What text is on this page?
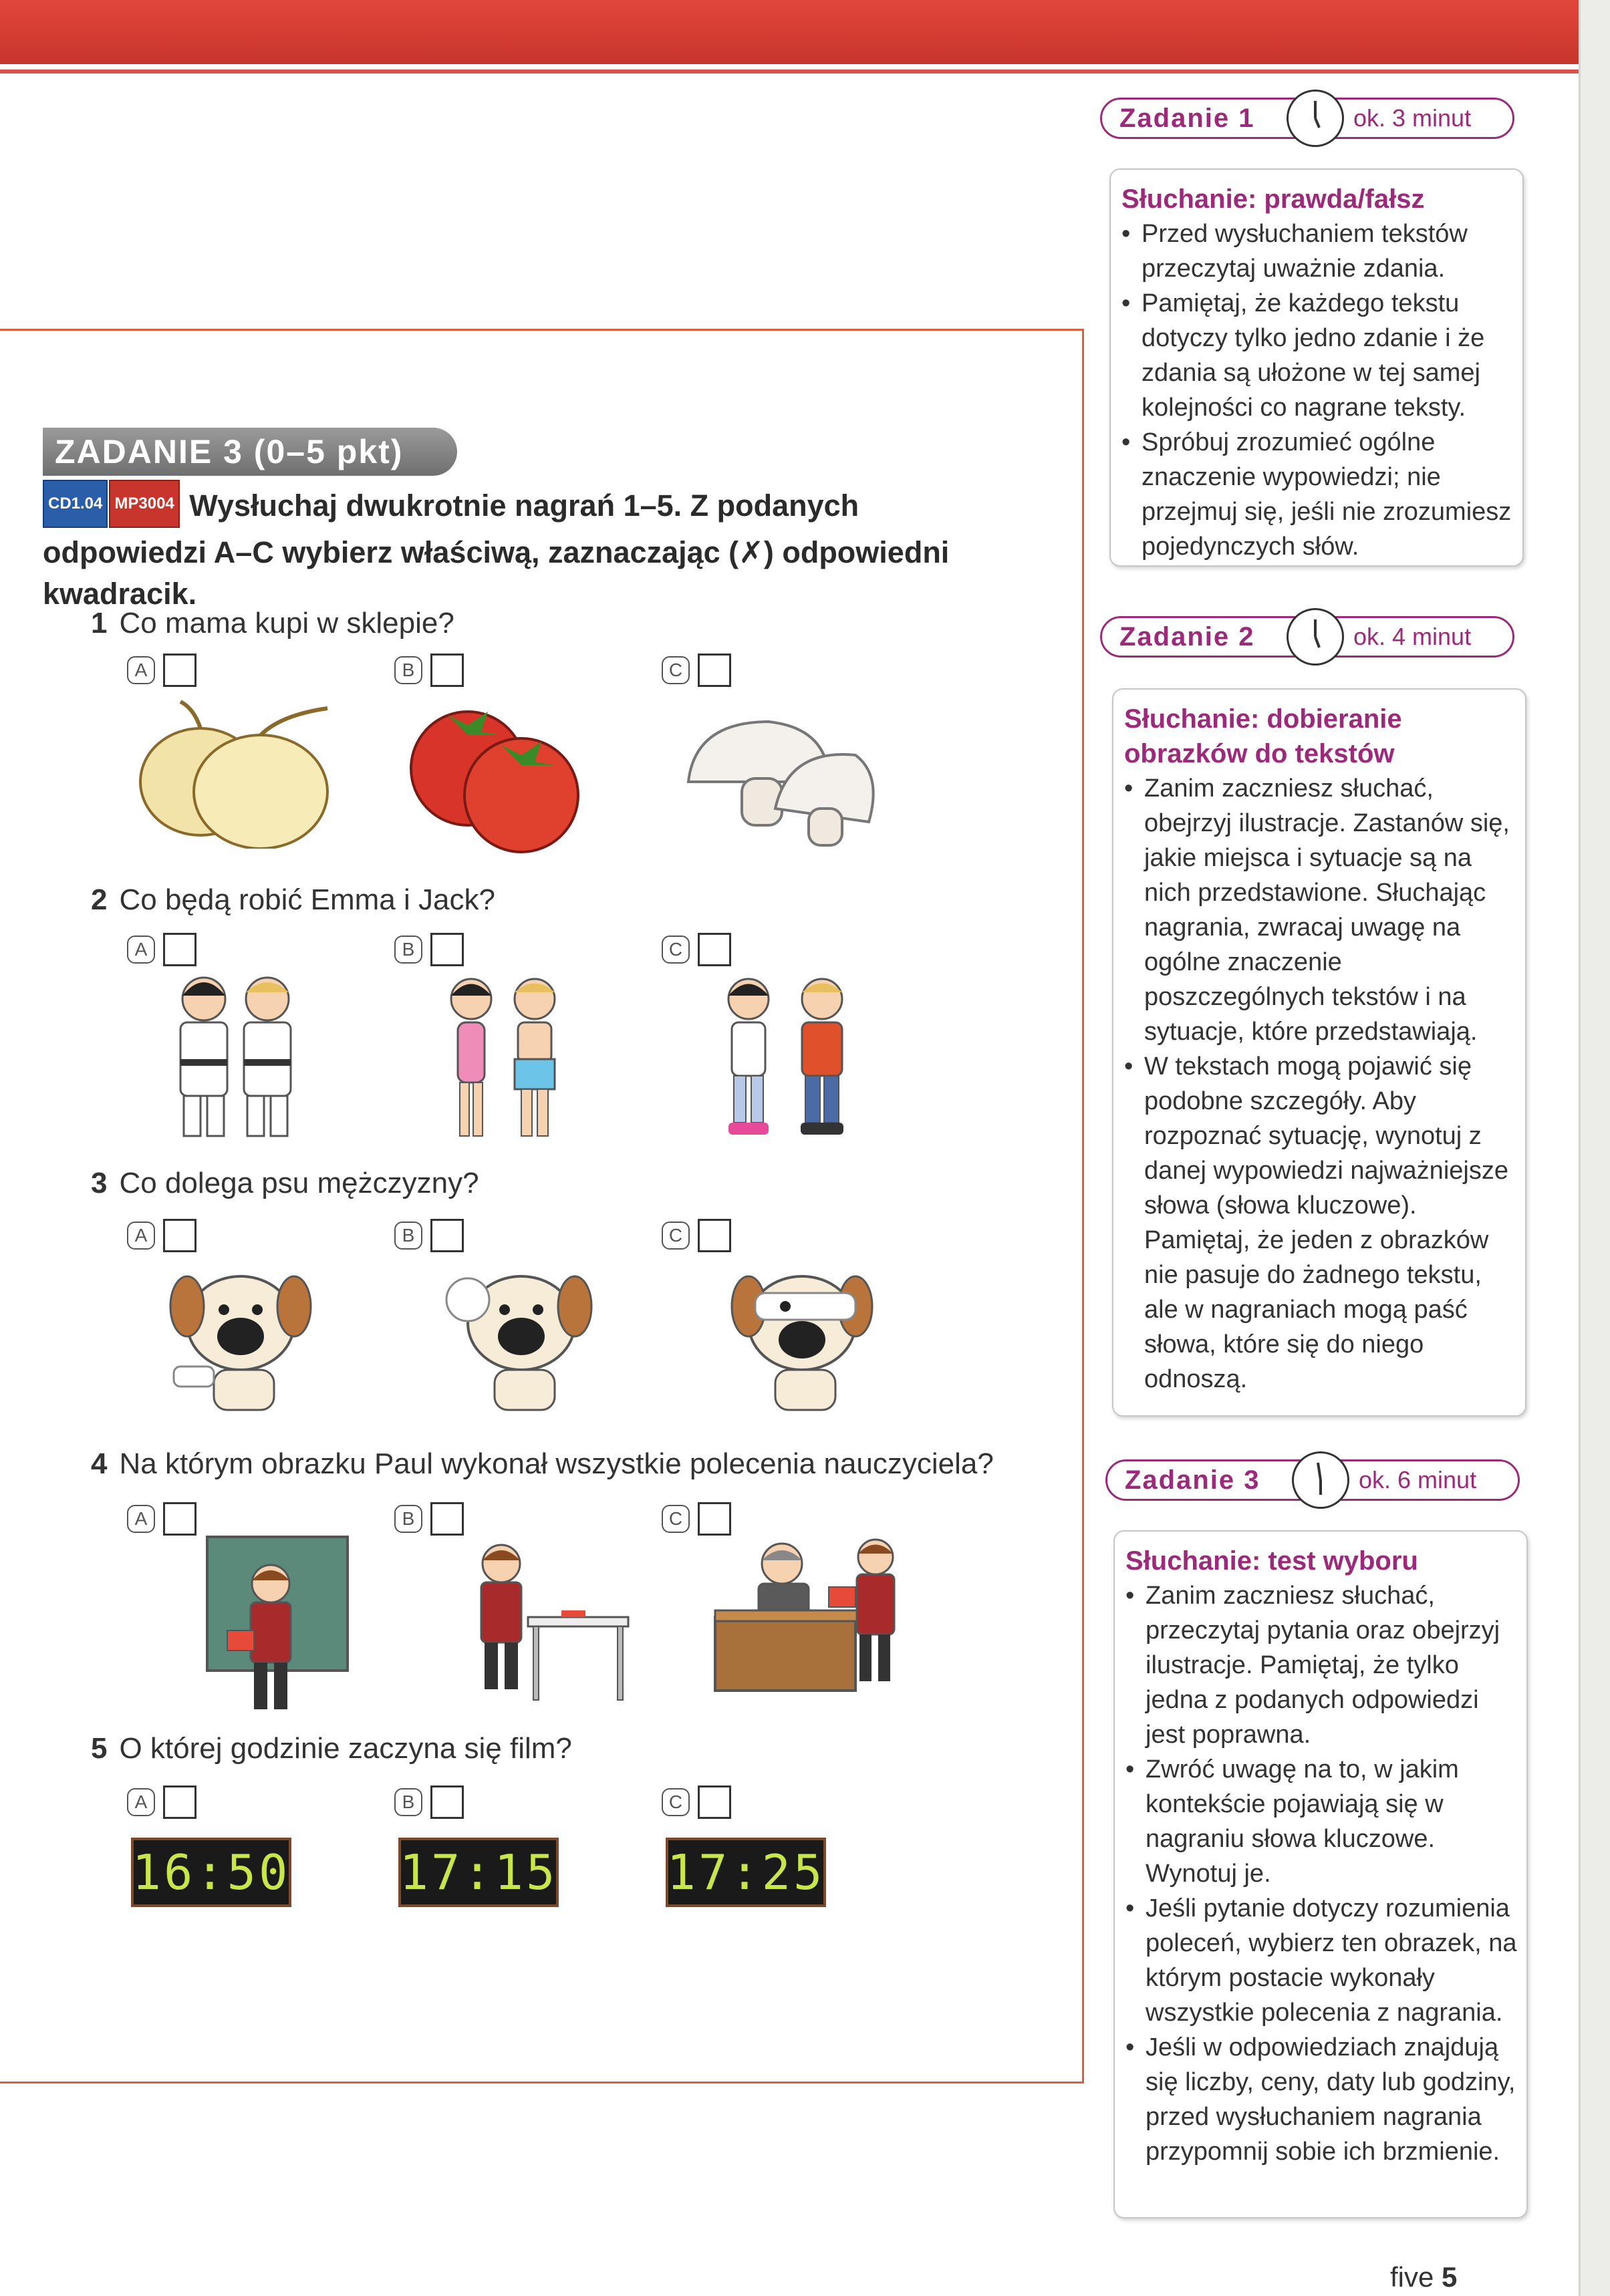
ZADANIE 3 (0–5 pkt)
CD1.04 MP3004 Wysłuchaj dwukrotnie nagrań 1–5. Z podanych odpowiedzi A–C wybierz właściwą, zaznaczając (✗) odpowiedni kwadracik.
1 Co mama kupi w sklepie?
A	B	C
2 Co będą robić Emma i Jack?
A	B	C
3 Co dolega psu mężczyzny?
A	B	C
4 Na którym obrazku Paul wykonał wszystkie polecenia nauczyciela?
A	B	C
5 O której godzinie zaczyna się film?
A	B	C
16:50 17:15 17:25
Zadanie 1	ok. 3 minut
Słuchanie: prawda/fałsz
• Przed wysłuchaniem tekstów przeczytaj uważnie zdania.
• Pamiętaj, że każdego tekstu dotyczy tylko jedno zdanie i że zdania są ułożone w tej samej kolejności co nagrane teksty.
• Spróbuj zrozumieć ogólne znaczenie wypowiedzi; nie przejmuj się, jeśli nie zrozumiesz pojedynczych słów.
Zadanie 2	ok. 4 minut
Słuchanie: dobieranie obrazków do tekstów
• Zanim zaczniesz słuchać, obejrzyj ilustracje. Zastanów się, jakie miejsca i sytuacje są na nich przedstawione. Słuchając nagrania, zwracaj uwagę na ogólne znaczenie poszczególnych tekstów i na sytuacje, które przedstawiają.
• W tekstach mogą pojawić się podobne szczegóły. Aby rozpoznać sytuację, wynotuj z danej wypowiedzi najważniejsze słowa (słowa kluczowe). Pamiętaj, że jeden z obrazków nie pasuje do żadnego tekstu, ale w nagraniach mogą paść słowa, które się do niego odnoszą.
Zadanie 3	ok. 6 minut
Słuchanie: test wyboru
• Zanim zaczniesz słuchać, przeczytaj pytania oraz obejrzyj ilustracje. Pamiętaj, że tylko jedna z podanych odpowiedzi jest poprawna.
• Zwróć uwagę na to, w jakim kontekście pojawiają się w nagraniu słowa kluczowe. Wynotuj je.
• Jeśli pytanie dotyczy rozumienia poleceń, wybierz ten obrazek, na którym postacie wykonały wszystkie polecenia z nagrania.
• Jeśli w odpowiedziach znajdują się liczby, ceny, daty lub godziny, przed wysłuchaniem nagrania przypomnij sobie ich brzmienie.
five 5
